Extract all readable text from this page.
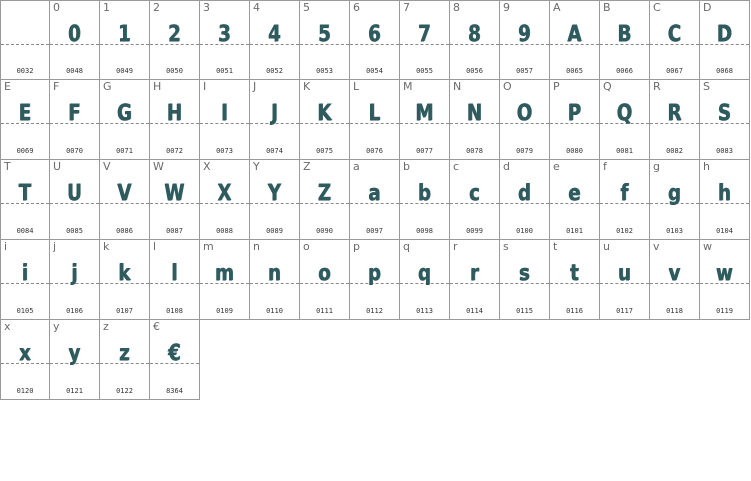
0032
0
0
0048
1
1
0049
2
2
0050
3
3
0051
4
4
0052
5
5
0053
6
6
0054
7
7
0055
8
8
0056
9
9
0057
A
A
0065
B
B
0066
C
C
0067
D
D
0068
E
E
0069
F
F
0070
G
G
0071
H
H
0072
I
I
0073
J
J
0074
K
K
0075
L
L
0076
M
M
0077
N
N
0078
O
O
0079
P
P
0080
Q
Q
0081
R
R
0082
S
S
0083
T
T
0084
U
U
0085
V
V
0086
W
W
0087
X
X
0088
Y
Y
0089
Z
Z
0090
a
a
0097
b
b
0098
c
c
0099
d
d
0100
e
e
0101
f
f
0102
g
g
0103
h
h
0104
i
i
0105
j
j
0106
k
k
0107
l
l
0108
m
m
0109
n
n
0110
o
o
0111
p
p
0112
q
q
0113
r
r
0114
s
s
0115
t
t
0116
u
u
0117
v
v
0118
w
w
0119
x
x
0120
y
y
0121
z
z
0122
€
€
8364
